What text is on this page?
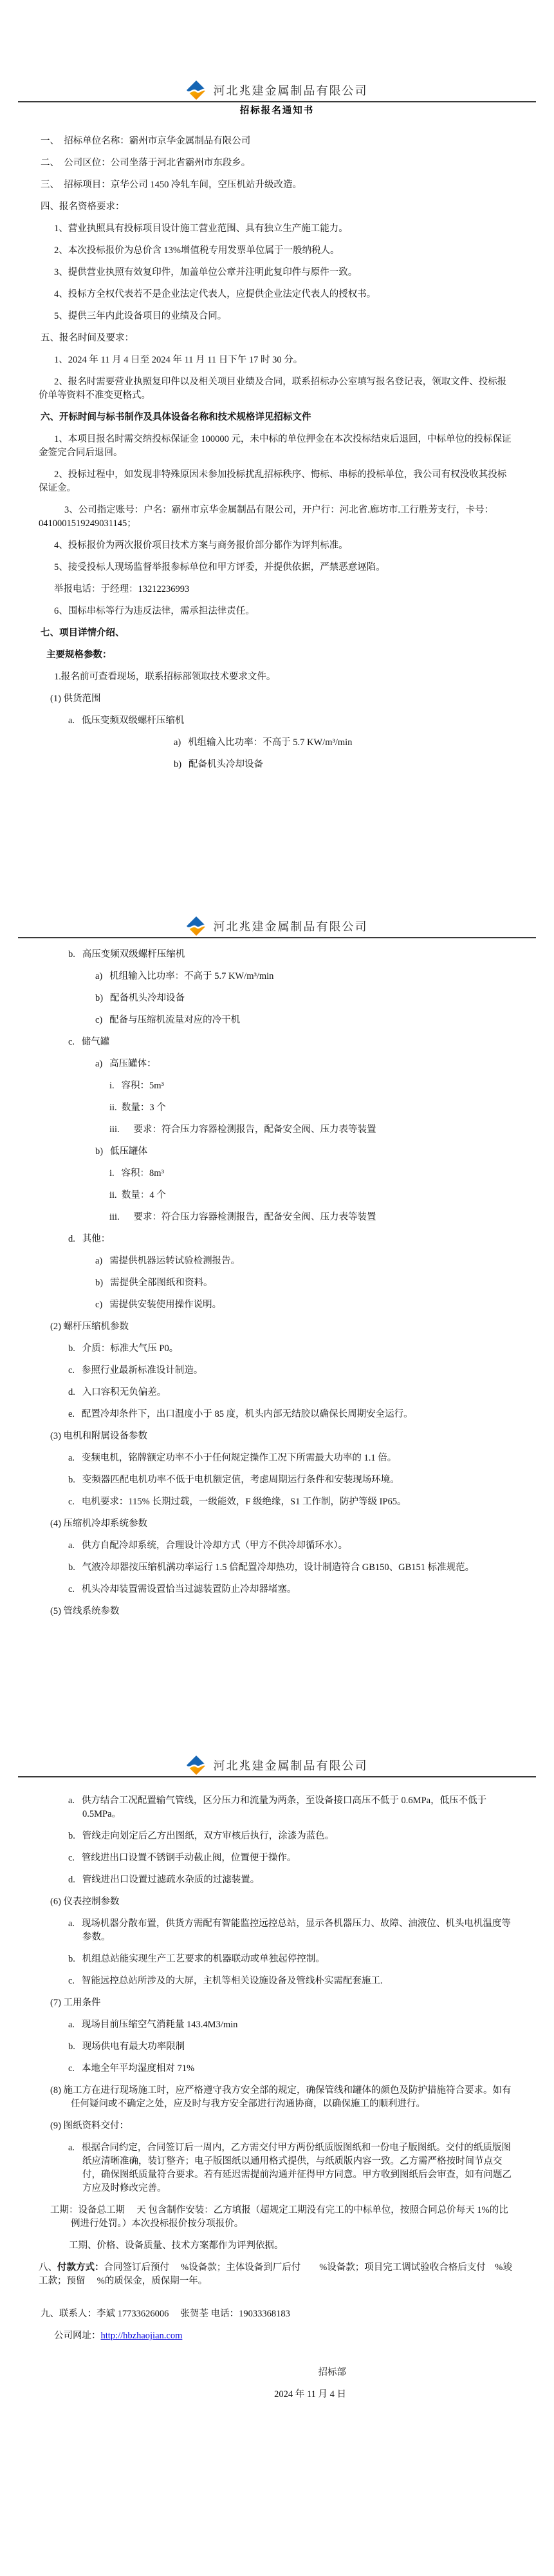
河北兆建金属制品有限公司
河北兆建金属制品有限公司
河北兆建金属制品有限公司

招标报名通知书

一、　招标单位名称：霸州市京华金属制品有限公司

二、　公司区位：公司坐落于河北省霸州市东段乡。

三、　招标项目：京华公司 1450 冷轧车间，空压机站升级改造。

四、报名资格要求：

1、营业执照具有投标项目设计施工营业范围、具有独立生产施工能力。

2、本次投标报价为总价含 13%增值税专用发票单位属于一般纳税人。

3、提供营业执照有效复印件，加盖单位公章并注明此复印件与原件一致。

4、投标方全权代表若不是企业法定代表人，应提供企业法定代表人的授权书。

5、提供三年内此设备项目的业绩及合同。

五、报名时间及要求：

1、2024 年 11 月 4 日至 2024 年 11 月 11 日下午 17 时 30 分。

2、报名时需要营业执照复印件以及相关项目业绩及合同，联系招标办公室填写报名登记表，领取文件、投标报价单等资料不准变更格式。

六、开标时间与标书制作及具体设备名称和技术规格详见招标文件

1、本项目报名时需交纳投标保证金 100000 元，未中标的单位押金在本次投标结束后退回，中标单位的投标保证金签完合同后退回。

2、投标过程中，如发现非特殊原因未参加投标扰乱招标秩序、悔标、串标的投标单位，我公司有权没收其投标保证金。

3、公司指定账号：户名：霸州市京华金属制品有限公司，开户行：河北省.廊坊市.工行胜芳支行，卡号：0410001519249031145；

4、投标报价为两次报价项目技术方案与商务报价部分都作为评判标准。

5、接受投标人现场监督举报参标单位和甲方评委，并提供依据，严禁恶意诬陷。

举报电话：于经理：13212236993

6、围标串标等行为违反法律，需承担法律责任。

七、项目详情介绍、

主要规格参数：

1.报名前可查看现场，联系招标部领取技术要求文件。

(1) 供货范围

a.   低压变频双级螺杆压缩机

a)   机组输入比功率：不高于 5.7 KW/m³/min

b)   配备机头冷却设备

b.   高压变频双级螺杆压缩机

a)   机组输入比功率：不高于 5.7 KW/m³/min

b)   配备机头冷却设备

c)   配备与压缩机流量对应的冷干机

c.   储气罐

a)   高压罐体：

i.   容积：5m³

ii.  数量：3 个

iii.      要求：符合压力容器检测报告，配备安全阀、压力表等装置

b)   低压罐体

i.   容积：8m³

ii.  数量：4 个

iii.      要求：符合压力容器检测报告，配备安全阀、压力表等装置

d.   其他：

a)   需提供机器运转试验检测报告。

b)   需提供全部图纸和资料。

c)   需提供安装使用操作说明。

(2) 螺杆压缩机参数

b.   介质：标准大气压 P0。

c.   参照行业最新标准设计制造。

d.   入口容积无负偏差。

e.   配置冷却条件下，出口温度小于 85 度，机头内部无结胶以确保长周期安全运行。

(3) 电机和附属设备参数

a.   变频电机，铭牌额定功率不小于任何规定操作工况下所需最大功率的 1.1 倍。

b.   变频器匹配电机功率不低于电机额定值，考虑周期运行条件和安装现场环境。

c.   电机要求：115% 长期过载，一级能效，F 级绝缘，S1 工作制，防护等级 IP65。

(4) 压缩机冷却系统参数

a.   供方自配冷却系统，合理设计冷却方式（甲方不供冷却循环水）。

b.   气液冷却器按压缩机满功率运行 1.5 倍配置冷却热功，设计制造符合 GB150、GB151 标准规范。

c.   机头冷却装置需设置恰当过滤装置防止冷却器堵塞。

(5) 管线系统参数

a.   供方结合工况配置输气管线，区分压力和流量为两条，至设备接口高压不低于 0.6MPa，低压不低于 0.5MPa。

b.   管线走向划定后乙方出图纸，双方审核后执行，涂漆为蓝色。

c.   管线进出口设置不锈钢手动截止阀，位置便于操作。

d.   管线进出口设置过滤疏水杂质的过滤装置。

(6) 仪表控制参数

a.   现场机器分散布置，供货方需配有智能监控远控总站，显示各机器压力、故障、油液位、机头电机温度等参数。

b.   机组总站能实现生产工艺要求的机器联动或单独起停控制。

c.   智能远控总站所涉及的大屏，主机等相关设施设备及管线朴实需配套施工.

(7) 工用条件

a.   现场目前压缩空气消耗量 143.4M3/min

b.   现场供电有最大功率限制

c.   本地全年平均湿度相对 71%

(8) 施工方在进行现场施工时，应严格遵守我方安全部的规定，确保管线和罐体的颜色及防护措施符合要求。如有任何疑问或不确定之处，应及时与我方安全部进行沟通协商，以确保施工的顺利进行。

(9) 图纸资料交付：

a.   根据合同约定，合同签订后一周内，乙方需交付甲方两份纸质版图纸和一份电子版图纸。交付的纸质版图纸应清晰准确，装订整齐；电子版图纸以通用格式提供，与纸质版内容一致。乙方需严格按时间节点交付，确保图纸质量符合要求。若有延迟需提前沟通并征得甲方同意。甲方收到图纸后会审查，如有问题乙方应及时修改完善。

工期：设备总工期　 天 包含制作安装：乙方填报（超规定工期没有完工的中标单位，按照合同总价每天 1%的比例进行处罚。）本次投标报价按分项报价。

工期、价格、设备质量、技术方案都作为评判依据。

八、付款方式：合同签订后预付　 %设备款；主体设备到厂后付　　%设备款；项目完工调试验收合格后支付　%竣工款；预留　 %的质保金，质保期一年。

九、联系人：李斌 17733626006　 张贺荃 电话：19033368183

公司网址：http://hbzhaojian.com

招标部

2024 年 11 月 4 日
